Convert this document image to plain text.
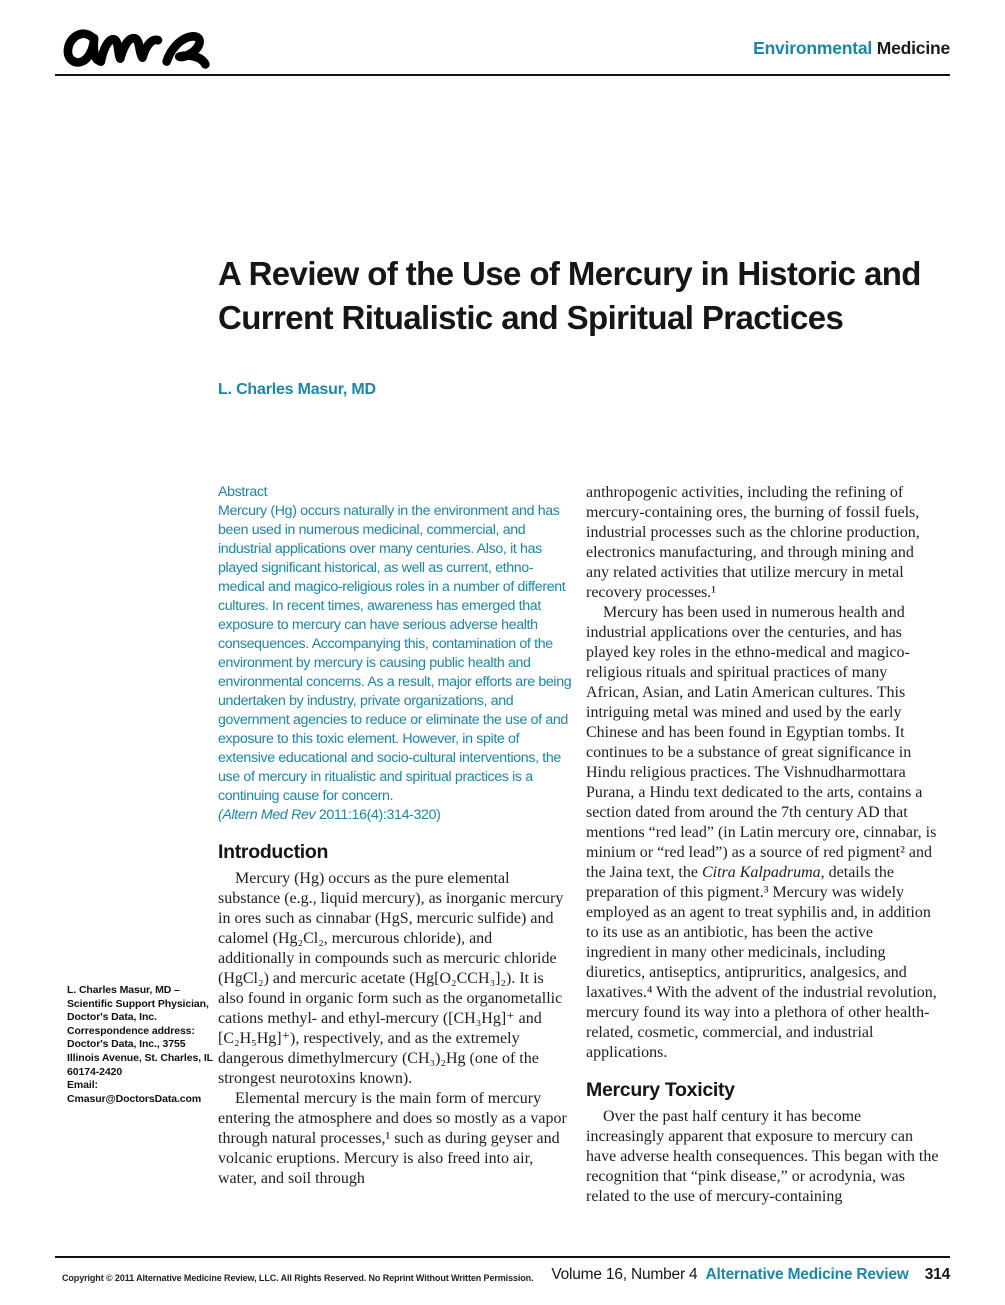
Environmental Medicine
A Review of the Use of Mercury in Historic and Current Ritualistic and Spiritual Practices
L. Charles Masur, MD
Abstract
Mercury (Hg) occurs naturally in the environment and has been used in numerous medicinal, commercial, and industrial applications over many centuries. Also, it has played significant historical, as well as current, ethno-medical and magico-religious roles in a number of different cultures. In recent times, awareness has emerged that exposure to mercury can have serious adverse health consequences. Accompanying this, contamination of the environment by mercury is causing public health and environmental concerns. As a result, major efforts are being undertaken by industry, private organizations, and government agencies to reduce or eliminate the use of and exposure to this toxic element. However, in spite of extensive educational and socio-cultural interventions, the use of mercury in ritualistic and spiritual practices is a continuing cause for concern.
(Altern Med Rev 2011:16(4):314-320)
Introduction

Mercury (Hg) occurs as the pure elemental substance (e.g., liquid mercury), as inorganic mercury in ores such as cinnabar (HgS, mercuric sulfide) and calomel (Hg₂Cl₂, mercurous chloride), and additionally in compounds such as mercuric chloride (HgCl₂) and mercuric acetate (Hg[O₂CCH₃]₂). It is also found in organic form such as the organometallic cations methyl- and ethyl-mercury ([CH₃Hg]⁺ and [C₂H₅Hg]⁺), respectively, and as the extremely dangerous dimethylmercury (CH₃)₂Hg (one of the strongest neurotoxins known).

Elemental mercury is the main form of mercury entering the atmosphere and does so mostly as a vapor through natural processes,¹ such as during geyser and volcanic eruptions. Mercury is also freed into air, water, and soil through

anthropogenic activities, including the refining of mercury-containing ores, the burning of fossil fuels, industrial processes such as the chlorine production, electronics manufacturing, and through mining and any related activities that utilize mercury in metal recovery processes.¹

Mercury has been used in numerous health and industrial applications over the centuries, and has played key roles in the ethno-medical and magico-religious rituals and spiritual practices of many African, Asian, and Latin American cultures. This intriguing metal was mined and used by the early Chinese and has been found in Egyptian tombs. It continues to be a substance of great significance in Hindu religious practices. The Vishnudharmottara Purana, a Hindu text dedicated to the arts, contains a section dated from around the 7th century AD that mentions “red lead” (in Latin mercury ore, cinnabar, is minium or “red lead”) as a source of red pigment² and the Jaina text, the Citra Kalpadruma, details the preparation of this pigment.³ Mercury was widely employed as an agent to treat syphilis and, in addition to its use as an antibiotic, has been the active ingredient in many other medicinals, including diuretics, antiseptics, antipruritics, analgesics, and laxatives.⁴ With the advent of the industrial revolution, mercury found its way into a plethora of other health-related, cosmetic, commercial, and industrial applications.

Mercury Toxicity

Over the past half century it has become increasingly apparent that exposure to mercury can have adverse health consequences. This began with the recognition that “pink disease,” or acrodynia, was related to the use of mercury-containing

L. Charles Masur, MD –
Scientific Support Physician,
Doctor's Data, Inc.
Correspondence address:
Doctor's Data, Inc., 3755
Illinois Avenue, St. Charles, IL
60174-2420
Email:
Cmasur@DoctorsData.com
Copyright © 2011 Alternative Medicine Review, LLC. All Rights Reserved. No Reprint Without Written Permission. Volume 16, Number 4 Alternative Medicine Review 314
